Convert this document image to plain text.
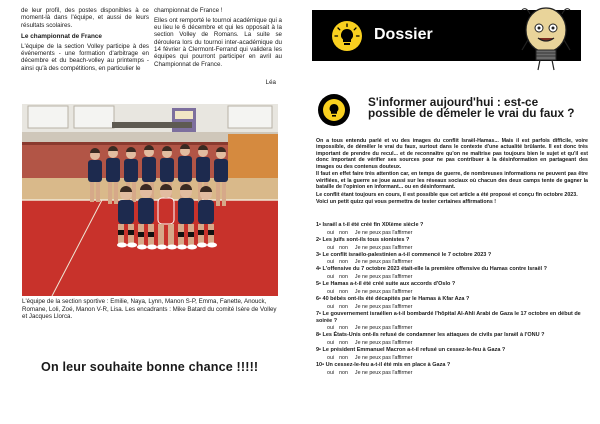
de leur profil, des postes disponibles à ce moment-là dans l'équipe, et aussi de leurs résultats scolaires.

Le championnat de France

L'équipe de la section Volley participe à des événements - une formation d'arbitrage en décembre et du beach-volley au printemps - ainsi qu'à des compétitions, en particulier le

championnat de France !

Elles ont remporté le tournoi académique qui a eu lieu le 6 décembre et qui les opposait à la section Volley de Romans. La suite se déroulera lors du tournoi inter-académique du 14 février à Clermont-Ferrand qui validera les équipes qui pourront participer en avril au Championnat de France.

Léa

L'équipe de la section sportive : Emilie, Naya, Lynn, Manon S-P, Emma, Fanette, Anouck, Romane, Loli, Zoé, Manon V-R, Lisa. Les encadrants : Mike Batard du comité Isère de Volley et Jacques Llorca.

On leur souhaite bonne chance !!!!!
Dossier
S'informer aujourd'hui : est-ce possible de démeler le vrai du faux ?

On a tous entendu parlé et vu des images du conflit Israël-Hamas... Mais il est parfois difficile, voire impossible, de démêler le vrai du faux, surtout dans le contexte d'une actualité brûlante. Il est donc très important de prendre du recul... et de reconnaître qu'on ne maîtrise pas toujours bien le sujet et qu'il est donc important de vérifier ses sources pour ne pas contribuer à la désinformation en partageant des images ou des contenus douteux.

Il faut en effet faire très attention car, en temps de guerre, de nombreuses informations ne peuvent pas être vérifiées, et la guerre se joue aussi sur les réseaux sociaux où chacun des deux camps tente de gagner la bataille de l'opinion en informant... ou en désinformant.

Le conflit étant toujours en cours, il est possible que cet article a été proposé et conçu fin octobre 2023.

Voici un petit quizz qui vous permettra de tester certaines affirmations !

1• Israël a t-il été créé fin XIXème siècle ?
oui non Je ne peux pas l'affirmer
2• Les juifs sont-ils tous sionistes ?
oui non Je ne peux pas l'affirmer
3• Le conflit israélo-palestinien a-t-il commencé le 7 octobre 2023 ?
oui non Je ne peux pas l'affirmer
4• L'offensive du 7 octobre 2023 était-elle la première offensive du Hamas contre Israël ?
oui non Je ne peux pas l'affirmer
5• Le Hamas a-t-il été créé suite aux accords d'Oslo ?
oui non Je ne peux pas l'affirmer
6• 40 bébés ont-ils été décapités par le Hamas à Kfar Aza ?
oui non Je ne peux pas l'affirmer
7• Le gouvernement israélien a-t-il bombardé l'hôpital Al-Ahli Arabi de Gaza le 17 octobre en début de soirée ?
oui non Je ne peux pas l'affirmer
8• Les États-Unis ont-ils refusé de condamner les attaques de civils par Israël à l'ONU ?
oui non Je ne peux pas l'affirmer
9• Le président Emmanuel Macron a-t-il refusé un cessez-le-feu à Gaza ?
oui non Je ne peux pas l'affirmer
10• Un cessez-le-feu a-t-il été mis en place à Gaza ?
oui non Je ne peux pas l'affirmer
